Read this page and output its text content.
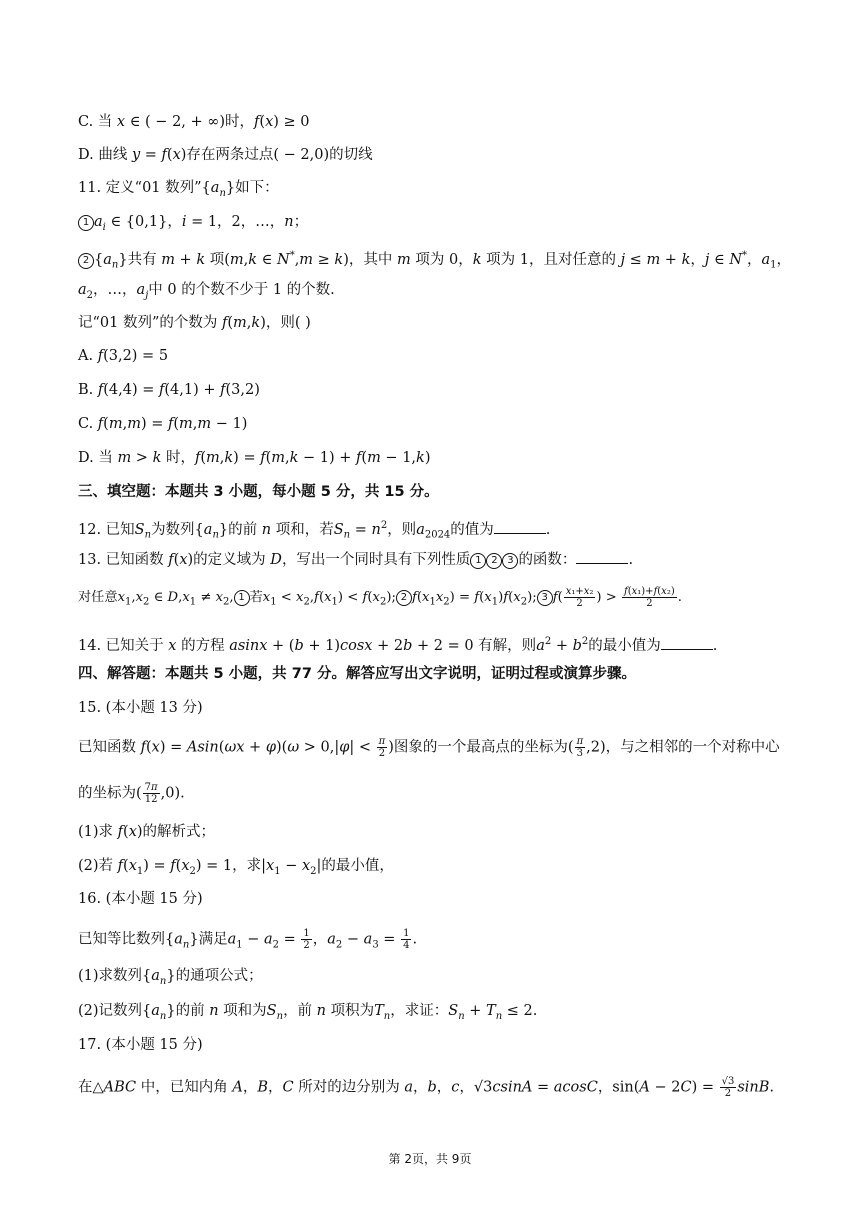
C. 当 x ∈ ( − 2, + ∞)时，f(x) ≥ 0
D. 曲线 y = f(x)存在两条过点( − 2,0)的切线
11. 定义“01 数列$”\{a_n\}$如下：
1 $a_i$ ∈ {0,1}，i = 1，2，…，n；
2 $\{a_n\}$共有 m + k 项(m,k ∈ N*,m ≥ k)，其中 m 项为 0，k 项为 1，且对任意的 j ≤ m + k，j ∈ N*，$a_1$，
$a_2$，…，$a_j$中 0 的个数不少于 1 的个数.
记“01 数列”的个数为 f(m,k)，则( )
A. f(3,2) = 5
B. f(4,4) = f(4,1) + f(3,2)
C. f(m,m) = f(m,m − 1)
D. 当 m > k 时，f(m,k) = f(m,k − 1) + f(m − 1,k)
三、填空题：本题共 3 小题，每小题 5 分，共 15 分。
12. 已知$S_n$为数列$\{a_n\}$的前 n 项和，若$S_n = n^2$，则$a_{2024}$的值为	.
13. 已知函数 f(x)的定义域为 D，写出一个同时具有下列性质 1 2 3 的函数：	.
对任意$x_1,x_2$ ∈ $D,x_1 \ne x_2$, 1 若$x_1 < x_2,f(x_1) < f(x_2)$; 2 $f(x_1x_2) = f(x_1)f(x_2)$; 3 $f( \frac{\text{x₁+x₂}}{2}$ ) > $\frac{\text{f(x₁)+f(x₂)}}{2}$ .
14. 已知关于 x 的方程 asinx + (b + 1)cosx + 2b + 2 = 0 有解，则$a^2 + b^2$的最小值为	.
四、解答题：本题共 5 小题，共 77 分。解答应写出文字说明，证明过程或演算步骤。
15. (本小题 13 分)
已知函数 $f(x) = Asin(\omega x + \varphi)(\omega > 0,|\varphi| < \frac{\pi}{2}$ )图象的一个最高点的坐标为( $\frac{\pi}{3} ,2$)，与之相邻的一个对称中心
的坐标为( $\frac{7\pi}{12} ,0$).
(1)求 f(x)的解析式；
(2)若 $f(x_1) = f(x_2) = 1$，求$|x_1 - x_2|$的最小值，
16. (本小题 15 分)
已知等比数列$\{a_n\}$满足$a_1 - a_2 = \frac{1}{2}$ ，$a_2 - a_3 = \frac{1}{4}$ .
(1)求数列$\{a_n\}$的通项公式；
(2)记数列$\{a_n\}$的前 n 项和为$S_n$，前 n 项积为$T_n$，求证：$S_n + T_n \le 2$.
17. (本小题 15 分)
在△ABC 中，已知内角 A，B，C 所对的边分别为 a，b，c，√3csinA = acosC，$\sin(A - 2C) = \frac{√3}{2} \sin B$.
第 2页，共 9页
